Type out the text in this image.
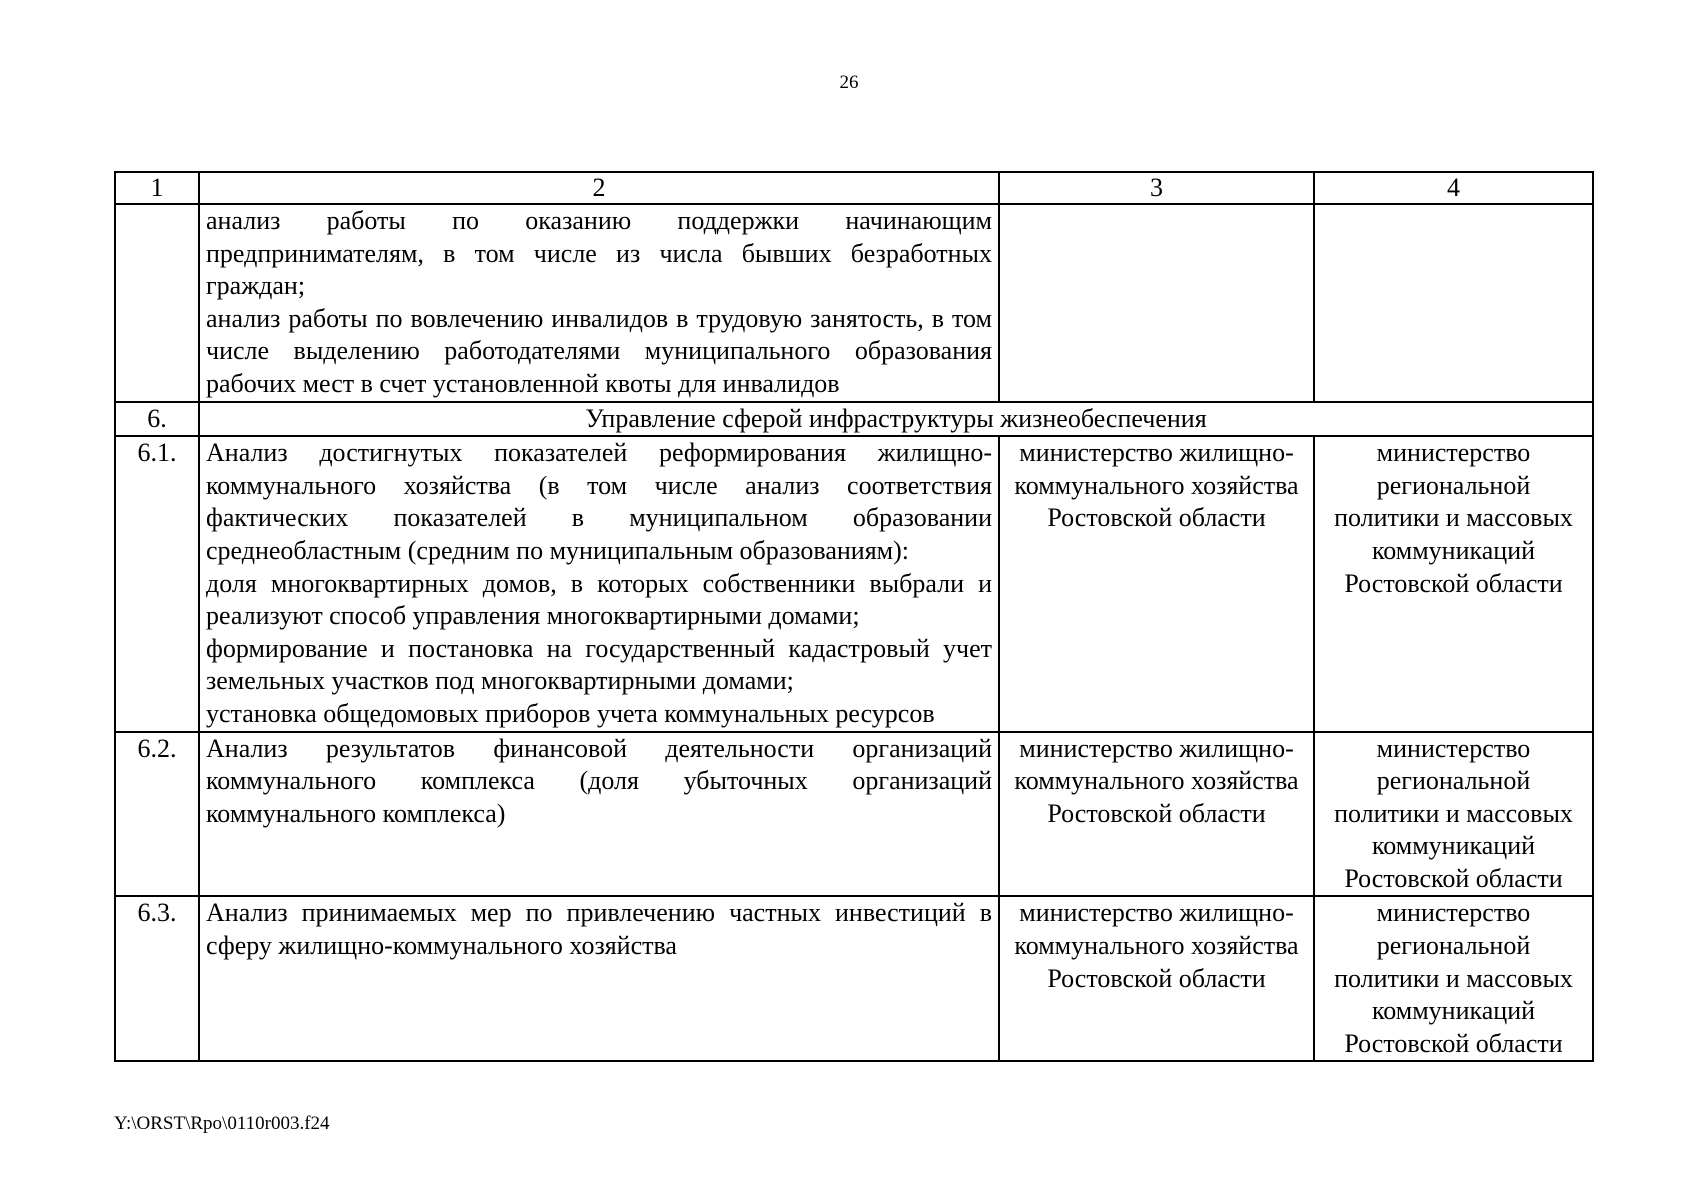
26
1	2	3	4

	анализ работы по оказанию поддержки начинающим предпринимателям, в том числе из числа бывших безработных граждан;
анализ работы по вовлечению инвалидов в трудовую занятость, в том числе выделению работодателями муниципального образования рабочих мест в счет установленной квоты для инвалидов		

6.	Управление сферой инфраструктуры жизнеобеспечения		
6.1.	Анализ достигнутых показателей реформирования жилищно-коммунального хозяйства (в том числе анализ соответствия фактических показателей в муниципальном образовании среднеобластным (средним по муниципальным образованиям):
доля многоквартирных домов, в которых собственники выбрали и реализуют способ управления многоквартирными домами;
формирование и постановка на государственный кадастровый учет земельных участков под многоквартирными домами;
установка общедомовых приборов учета коммунальных ресурсов	министерство жилищно-коммунального хозяйства Ростовской области	министерство региональной политики и массовых коммуникаций Ростовской области
6.2.	Анализ результатов финансовой деятельности организаций коммунального комплекса (доля убыточных организаций коммунального комплекса)	министерство жилищно-коммунального хозяйства Ростовской области	министерство региональной политики и массовых коммуникаций Ростовской области
6.3.	Анализ принимаемых мер по привлечению частных инвестиций в сферу жилищно-коммунального хозяйства	министерство жилищно-коммунального хозяйства Ростовской области	министерство региональной политики и массовых коммуникаций Ростовской области
Y:\ORST\Rpo\0110r003.f24
